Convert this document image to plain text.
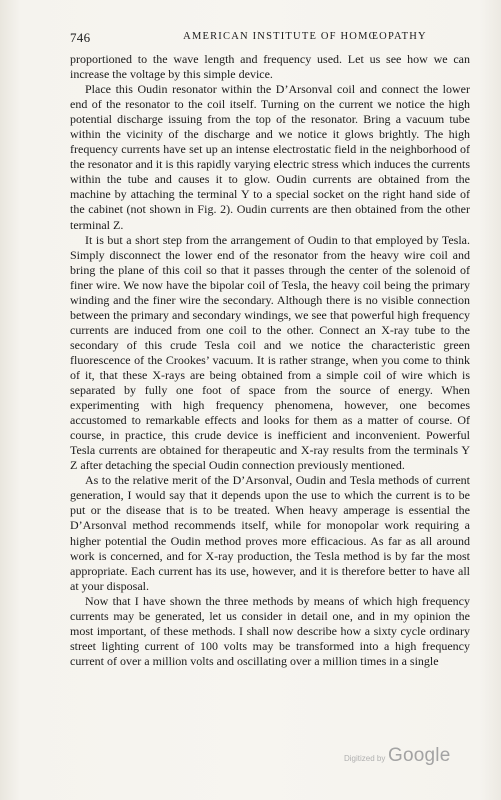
746	AMERICAN INSTITUTE OF HOMŒOPATHY

proportioned to the wave length and frequency used. Let us see how we can increase the voltage by this simple device.

Place this Oudin resonator within the D’Arsonval coil and connect the lower end of the resonator to the coil itself. Turning on the current we notice the high potential discharge issuing from the top of the resonator. Bring a vacuum tube within the vicinity of the discharge and we notice it glows brightly. The high frequency currents have set up an intense electrostatic field in the neighborhood of the resonator and it is this rapidly varying electric stress which induces the currents within the tube and causes it to glow. Oudin currents are obtained from the machine by attaching the terminal Y to a special socket on the right hand side of the cabinet (not shown in Fig. 2). Oudin currents are then obtained from the other terminal Z.

It is but a short step from the arrangement of Oudin to that employed by Tesla. Simply disconnect the lower end of the resonator from the heavy wire coil and bring the plane of this coil so that it passes through the center of the solenoid of finer wire. We now have the bipolar coil of Tesla, the heavy coil being the primary winding and the finer wire the secondary. Although there is no visible connection between the primary and secondary windings, we see that powerful high frequency currents are induced from one coil to the other. Connect an X-ray tube to the secondary of this crude Tesla coil and we notice the characteristic green fluorescence of the Crookes’ vacuum. It is rather strange, when you come to think of it, that these X-rays are being obtained from a simple coil of wire which is separated by fully one foot of space from the source of energy. When experimenting with high frequency phenomena, however, one becomes accustomed to remarkable effects and looks for them as a matter of course. Of course, in practice, this crude device is inefficient and inconvenient. Powerful Tesla currents are obtained for therapeutic and X-ray results from the terminals Y Z after detaching the special Oudin connection previously mentioned.

As to the relative merit of the D’Arsonval, Oudin and Tesla methods of current generation, I would say that it depends upon the use to which the current is to be put or the disease that is to be treated. When heavy amperage is essential the D’Arsonval method recommends itself, while for monopolar work requiring a higher potential the Oudin method proves more efficacious. As far as all around work is concerned, and for X-ray production, the Tesla method is by far the most appropriate. Each current has its use, however, and it is therefore better to have all at your disposal.

Now that I have shown the three methods by means of which high frequency currents may be generated, let us consider in detail one, and in my opinion the most important, of these methods. I shall now describe how a sixty cycle ordinary street lighting current of 100 volts may be transformed into a high frequency current of over a million volts and oscillating over a million times in a single

Digitized by Google
